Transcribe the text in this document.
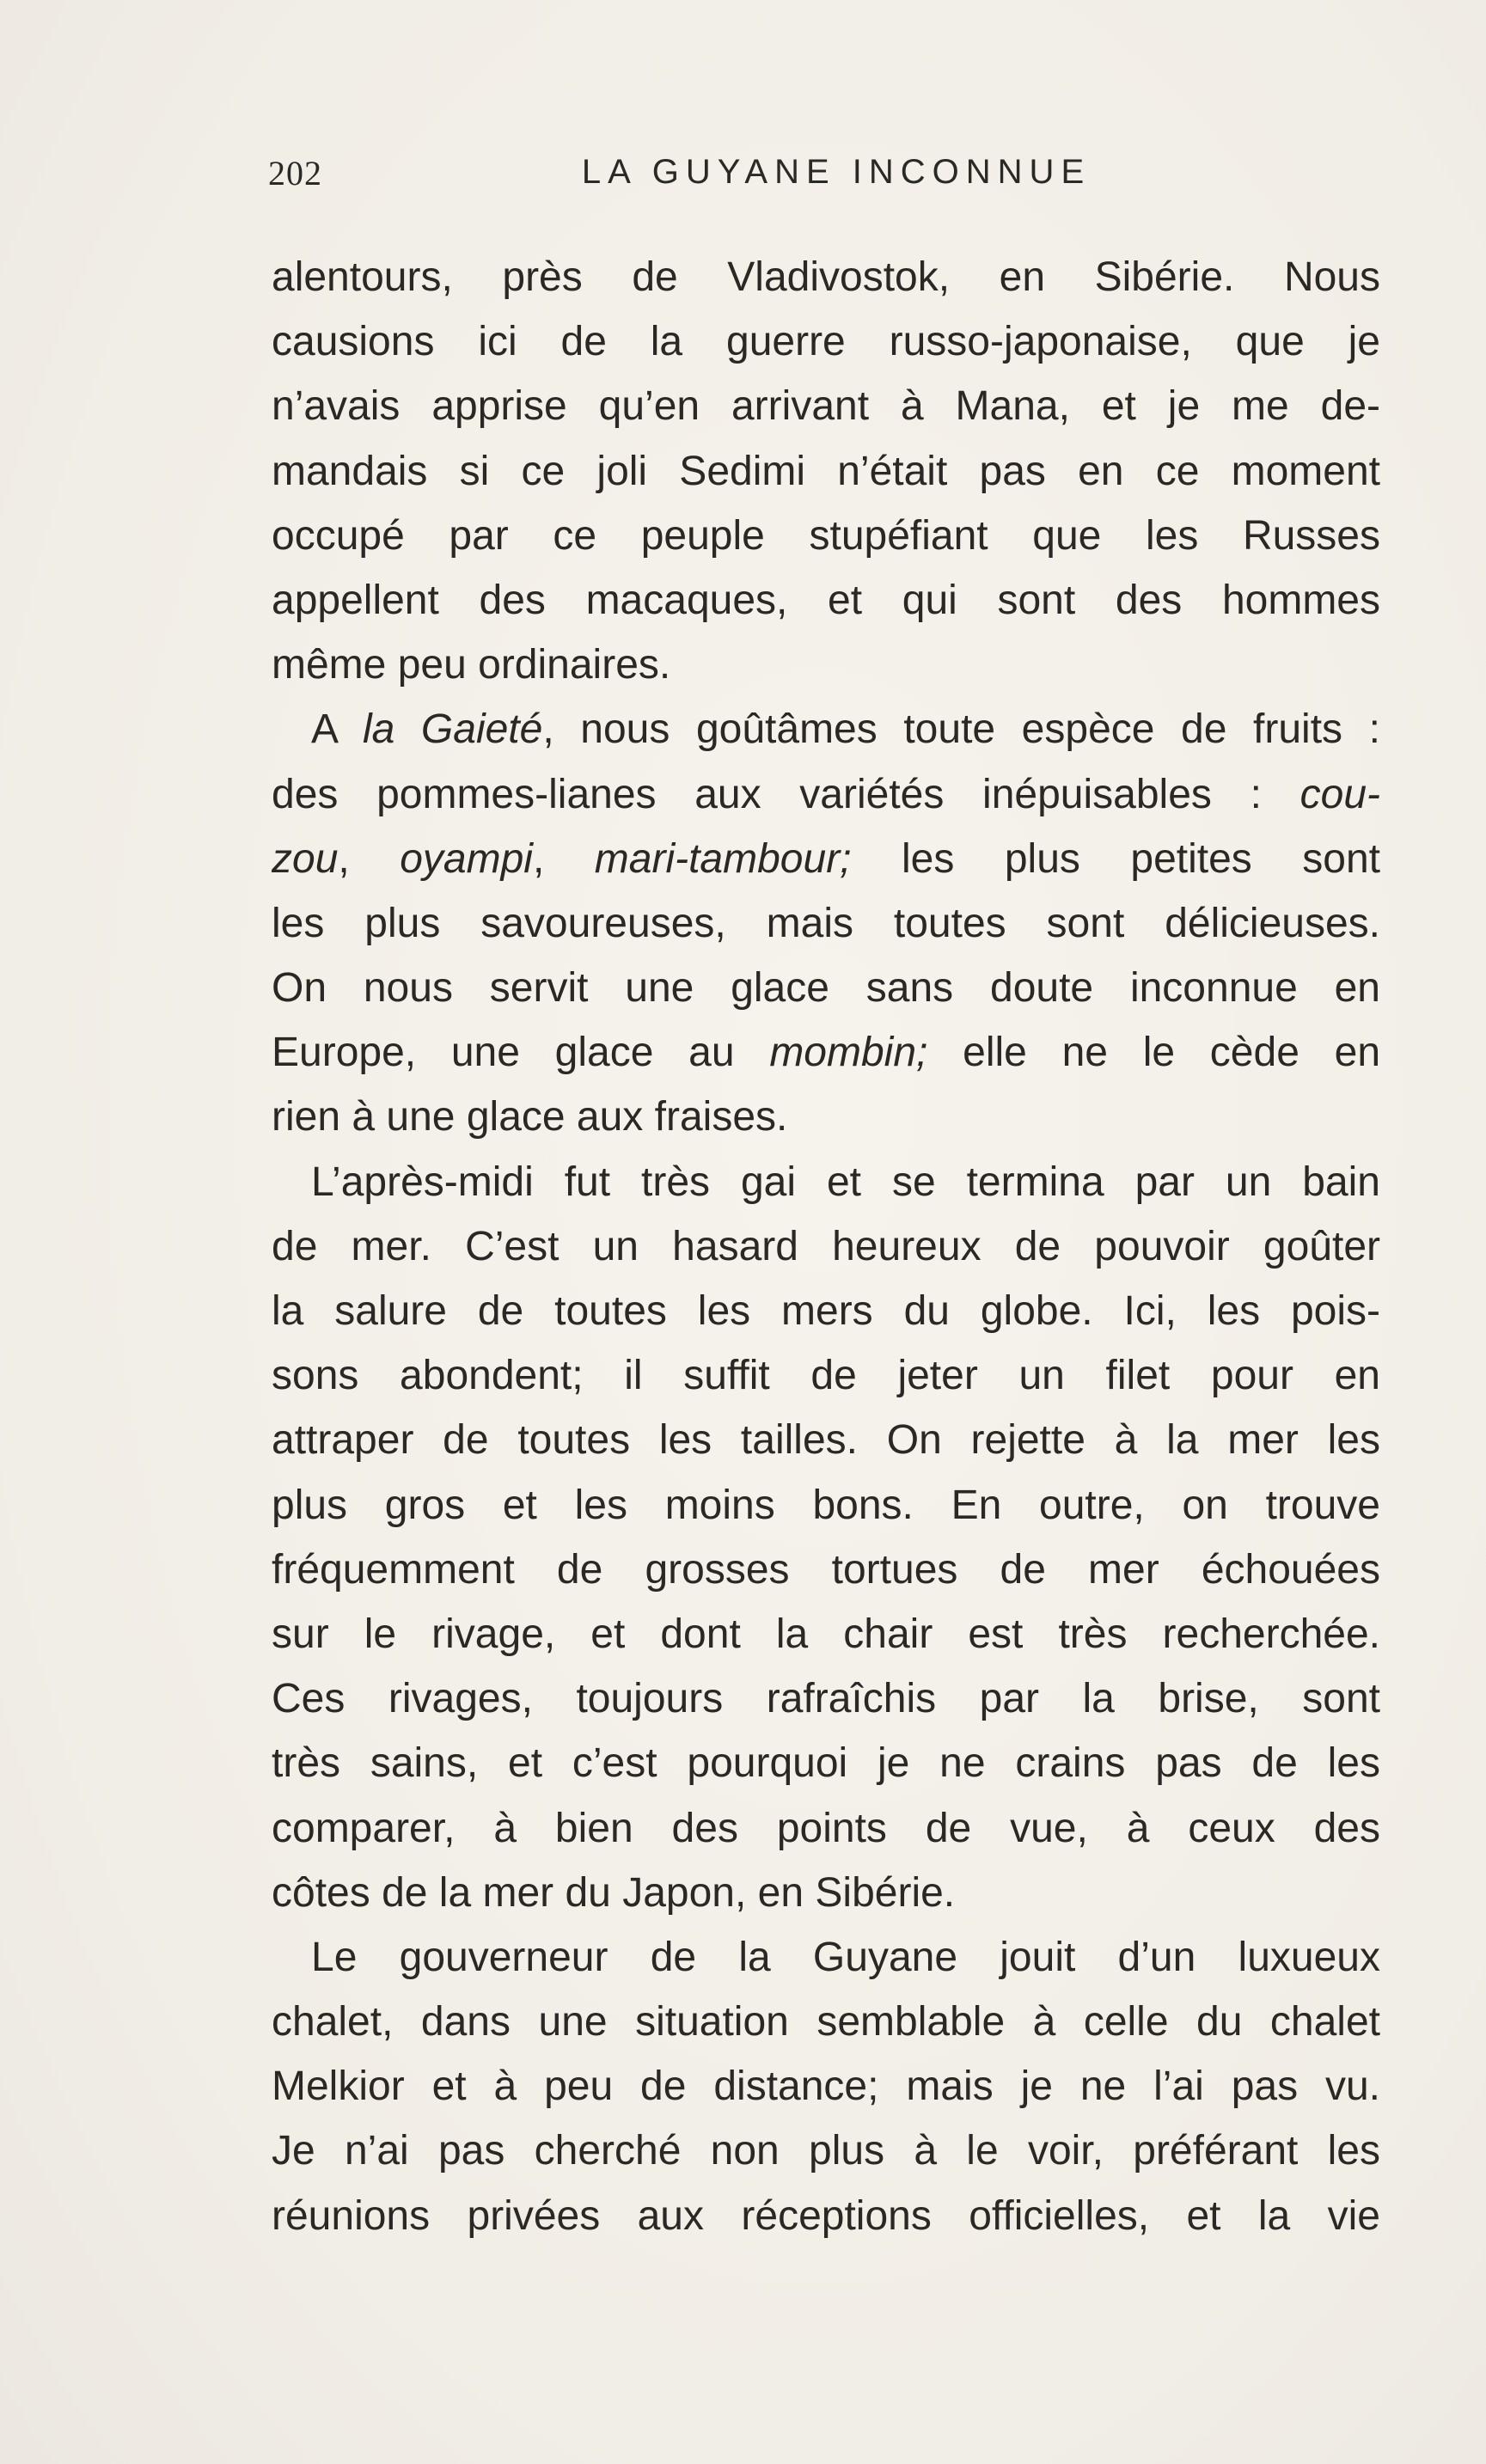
202	LA GUYANE INCONNUE
alentours, près de Vladivostok, en Sibérie. Nous
causions ici de la guerre russo-japonaise, que je
n’avais apprise qu’en arrivant à Mana, et je me de-
mandais si ce joli Sedimi n’était pas en ce moment
occupé par ce peuple stupéfiant que les Russes
appellent des macaques, et qui sont des hommes
même peu ordinaires.
A la Gaieté, nous goûtâmes toute espèce de fruits :
des pommes-lianes aux variétés inépuisables : cou-
zou, oyampi, mari-tambour; les plus petites sont
les plus savoureuses, mais toutes sont délicieuses.
On nous servit une glace sans doute inconnue en
Europe, une glace au mombin; elle ne le cède en
rien à une glace aux fraises.
L’après-midi fut très gai et se termina par un bain
de mer. C’est un hasard heureux de pouvoir goûter
la salure de toutes les mers du globe. Ici, les pois-
sons abondent; il suffit de jeter un filet pour en
attraper de toutes les tailles. On rejette à la mer les
plus gros et les moins bons. En outre, on trouve
fréquemment de grosses tortues de mer échouées
sur le rivage, et dont la chair est très recherchée.
Ces rivages, toujours rafraîchis par la brise, sont
très sains, et c’est pourquoi je ne crains pas de les
comparer, à bien des points de vue, à ceux des
côtes de la mer du Japon, en Sibérie.
Le gouverneur de la Guyane jouit d’un luxueux
chalet, dans une situation semblable à celle du chalet
Melkior et à peu de distance; mais je ne l’ai pas vu.
Je n’ai pas cherché non plus à le voir, préférant les
réunions privées aux réceptions officielles, et la vie
